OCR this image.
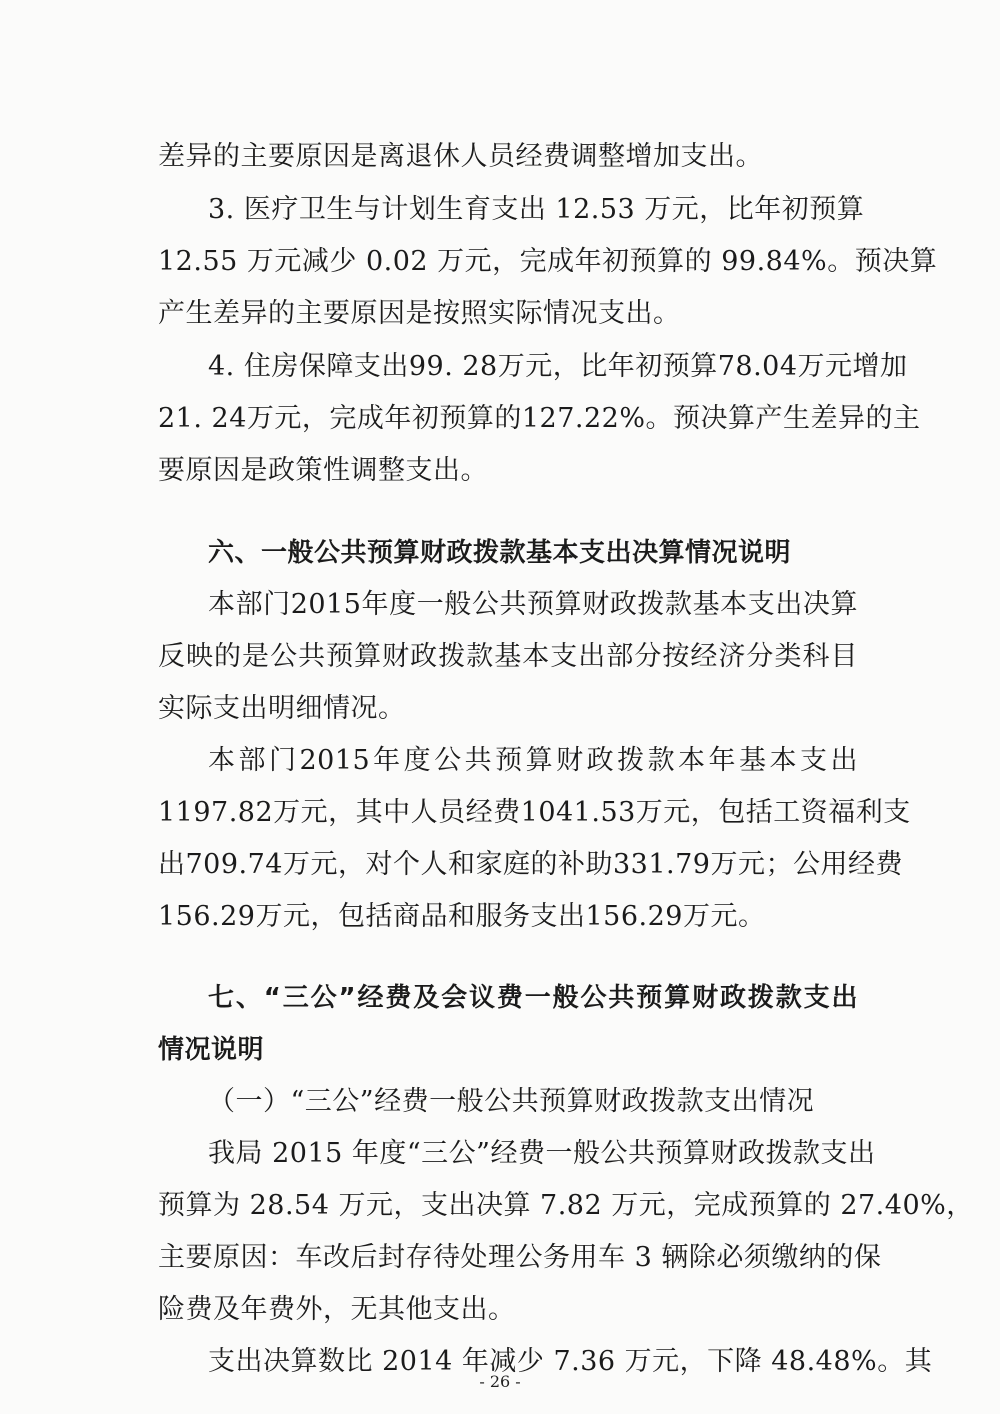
差异的主要原因是离退休人员经费调整增加支出。
3. 医疗卫生与计划生育支出 12.53 万元，比年初预算
12.55 万元减少 0.02 万元，完成年初预算的 99.84%。预决算
产生差异的主要原因是按照实际情况支出。
4. 住房保障支出99. 28万元，比年初预算78.04万元增加
21. 24万元，完成年初预算的127.22%。预决算产生差异的主
要原因是政策性调整支出。
六、一般公共预算财政拨款基本支出决算情况说明
本部门2015年度一般公共预算财政拨款基本支出决算
反映的是公共预算财政拨款基本支出部分按经济分类科目
实际支出明细情况。
本部门2015年度公共预算财政拨款本年基本支出
1197.82万元，其中人员经费1041.53万元，包括工资福利支
出709.74万元，对个人和家庭的补助331.79万元；公用经费
156.29万元，包括商品和服务支出156.29万元。
七、“三公”经费及会议费一般公共预算财政拨款支出
情况说明
（一）“三公”经费一般公共预算财政拨款支出情况
我局 2015 年度“三公”经费一般公共预算财政拨款支出
预算为 28.54 万元，支出决算 7.82 万元，完成预算的 27.40%，
主要原因：车改后封存待处理公务用车 3 辆除必须缴纳的保
险费及年费外，无其他支出。
支出决算数比 2014 年减少 7.36 万元，下降 48.48%。其
- 26 -
